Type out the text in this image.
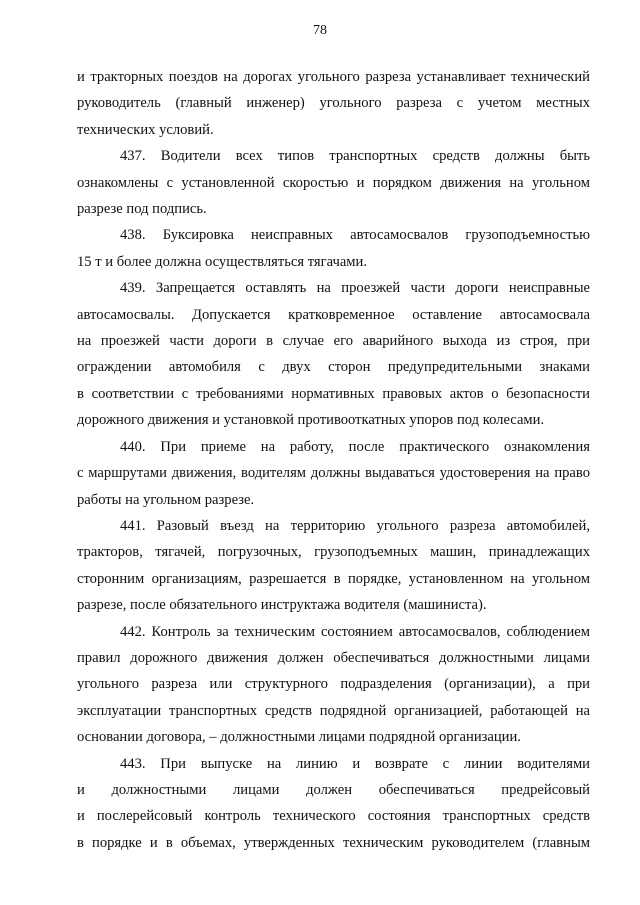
78

и тракторных поездов на дорогах угольного разреза устанавливает технический
руководитель (главный инженер) угольного разреза с учетом местных
технических условий.

437. Водители всех типов транспортных средств должны быть
ознакомлены с установленной скоростью и порядком движения на угольном
разрезе под подпись.

438. Буксировка неисправных автосамосвалов грузоподъемностью
15 т и более должна осуществляться тягачами.

439. Запрещается оставлять на проезжей части дороги неисправные
автосамосвалы. Допускается кратковременное оставление автосамосвала
на проезжей части дороги в случае его аварийного выхода из строя, при
ограждении автомобиля с двух сторон предупредительными знаками
в соответствии с требованиями нормативных правовых актов о безопасности
дорожного движения и установкой противооткатных упоров под колесами.

440. При приеме на работу, после практического ознакомления
с маршрутами движения, водителям должны выдаваться удостоверения на право
работы на угольном разрезе.

441. Разовый въезд на территорию угольного разреза автомобилей,
тракторов, тягачей, погрузочных, грузоподъемных машин, принадлежащих
сторонним организациям, разрешается в порядке, установленном на угольном
разрезе, после обязательного инструктажа водителя (машиниста).

442. Контроль за техническим состоянием автосамосвалов, соблюдением
правил дорожного движения должен обеспечиваться должностными лицами
угольного разреза или структурного подразделения (организации), а при
эксплуатации транспортных средств подрядной организацией, работающей на
основании договора, – должностными лицами подрядной организации.

443. При выпуске на линию и возврате с линии водителями
и должностными лицами должен обеспечиваться предрейсовый
и послерейсовый контроль технического состояния транспортных средств
в порядке и в объемах, утвержденных техническим руководителем (главным
